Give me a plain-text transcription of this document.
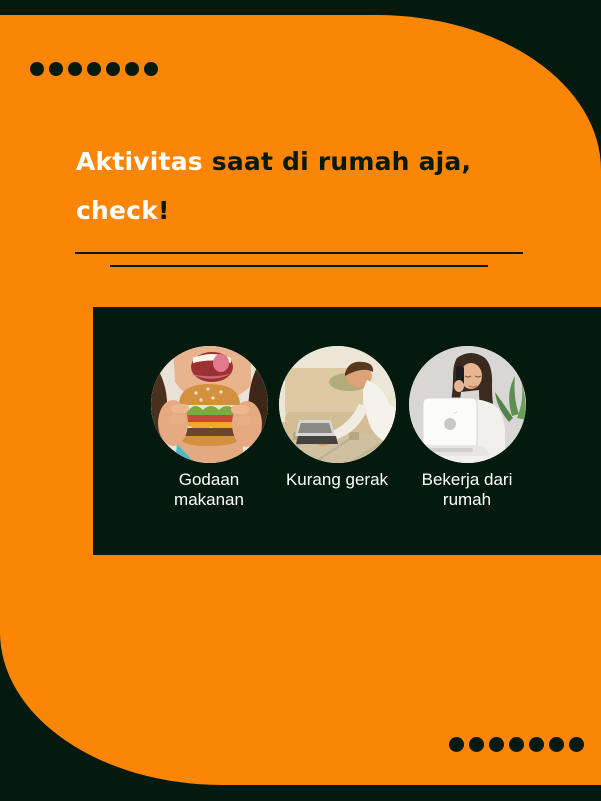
Aktivitas saat di rumah aja,
check!
Godaan makanan
Kurang gerak	Bekerja dari rumah
